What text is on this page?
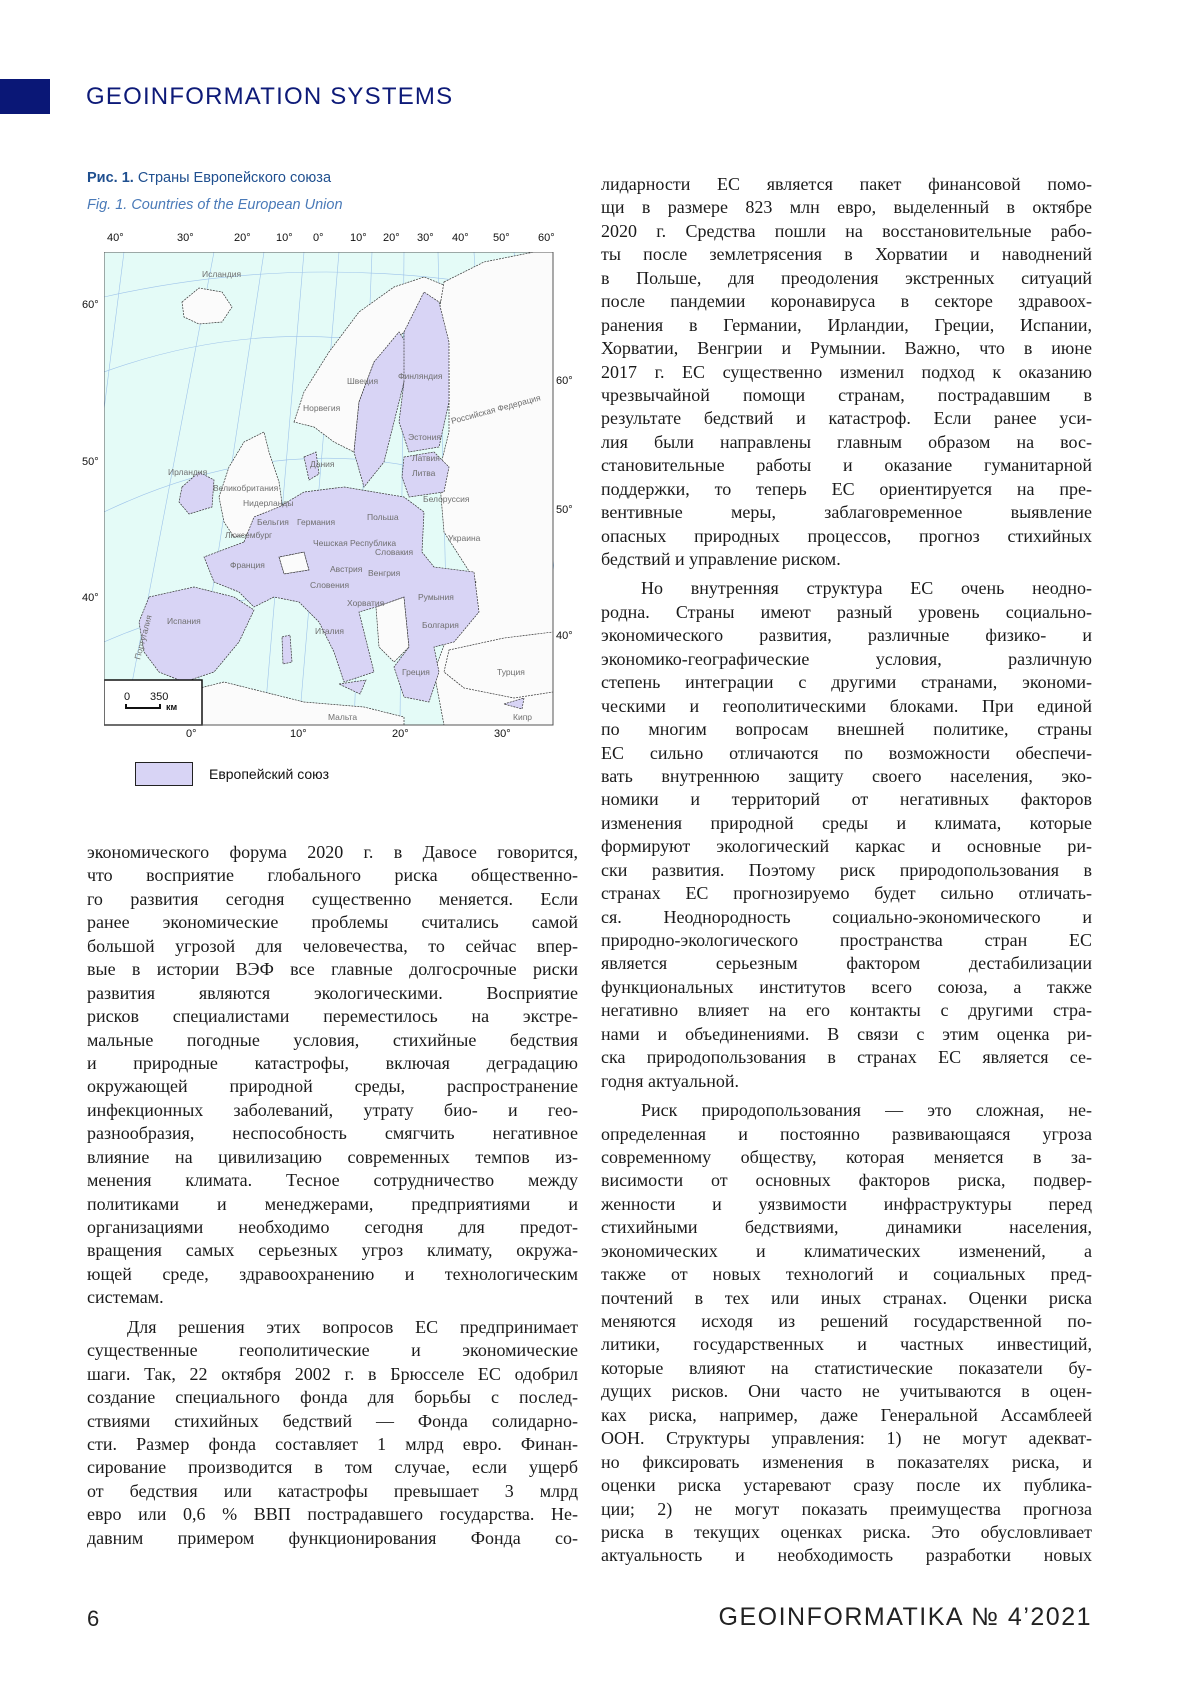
GEOINFORMATION SYSTEMS
Рис. 1. Страны Европейского союза
Fig. 1. Countries of the European Union
40°	30°	20° 10° 0° 10° 20° 30° 40° 50°	60°
60°
50°
40°
60°
50°
40°
0°	10°	20°	30°
Исландия
Швеция Финляндия
Норвегия	Российская Федерация
Эстония
Латвия
Литва
Ирландия
Дания
Великобритания
Белоруссия
Нидерланды
Бельгия Германия
Люксембург
Польша
Украина
Чешская Республика
Словакия
Франция	Австрия Венгрия
Словения
Хорватия
Румыния
Испания
Португалия	Италия
Болгария
Греция	Турция
Мальта	Кипр
0 350
км
Европейский союз
экономического форума 2020 г. в Давосе говорится,
что восприятие глобального риска общественно-
го развития сегодня существенно меняется. Если
ранее экономические проблемы считались самой
большой угрозой для человечества, то сейчас впер-
вые в истории ВЭФ все главные долгосрочные риски
развития являются экологическими. Восприятие
рисков специалистами переместилось на экстре-
мальные погодные условия, стихийные бедствия
и природные катастрофы, включая деградацию
окружающей природной среды, распространение
инфекционных заболеваний, утрату био- и гео-
разнообразия, неспособность смягчить негативное
влияние на цивилизацию современных темпов из-
менения климата. Тесное сотрудничество между
политиками и менеджерами, предприятиями и
организациями необходимо сегодня для предот-
вращения самых серьезных угроз климату, окружа-
ющей среде, здравоохранению и технологическим
системам.
Для решения этих вопросов ЕС предпринимает
существенные геополитические и экономические
шаги. Так, 22 октября 2002 г. в Брюсселе ЕС одобрил
создание специального фонда для борьбы с послед-
ствиями стихийных бедствий — Фонда солидарно-
сти. Размер фонда составляет 1 млрд евро. Финан-
сирование производится в том случае, если ущерб
от бедствия или катастрофы превышает 3 млрд
евро или 0,6 % ВВП пострадавшего государства. Не-
давним примером функционирования Фонда со-
лидарности ЕС является пакет финансовой помо-
щи в размере 823 млн евро, выделенный в октябре
2020 г. Средства пошли на восстановительные рабо-
ты после землетрясения в Хорватии и наводнений
в Польше, для преодоления экстренных ситуаций
после пандемии коронавируса в секторе здравоох-
ранения в Германии, Ирландии, Греции, Испании,
Хорватии, Венгрии и Румынии. Важно, что в июне
2017 г. ЕС существенно изменил подход к оказанию
чрезвычайной помощи странам, пострадавшим в
результате бедствий и катастроф. Если ранее уси-
лия были направлены главным образом на вос-
становительные работы и оказание гуманитарной
поддержки, то теперь ЕС ориентируется на пре-
вентивные меры, заблаговременное выявление
опасных природных процессов, прогноз стихийных
бедствий и управление риском.
Но внутренняя структура ЕС очень неодно-
родна. Страны имеют разный уровень социально-
экономического развития, различные физико- и
экономико-географические условия, различную
степень интеграции с другими странами, экономи-
ческими и геополитическими блоками. При единой
по многим вопросам внешней политике, страны
ЕС сильно отличаются по возможности обеспечи-
вать внутреннюю защиту своего населения, эко-
номики и территорий от негативных факторов
изменения природной среды и климата, которые
формируют экологический каркас и основные ри-
ски развития. Поэтому риск природопользования в
странах ЕС прогнозируемо будет сильно отличать-
ся. Неоднородность социально-экономического и
природно-экологического пространства стран ЕС
является серьезным фактором дестабилизации
функциональных институтов всего союза, а также
негативно влияет на его контакты с другими стра-
нами и объединениями. В связи с этим оценка ри-
ска природопользования в странах ЕС является се-
годня актуальной.
Риск природопользования — это сложная, не-
определенная и постоянно развивающаяся угроза
современному обществу, которая меняется в за-
висимости от основных факторов риска, подвер-
женности и уязвимости инфраструктуры перед
стихийными бедствиями, динамики населения,
экономических и климатических изменений, а
также от новых технологий и социальных пред-
почтений в тех или иных странах. Оценки риска
меняются исходя из решений государственной по-
литики, государственных и частных инвестиций,
которые влияют на статистические показатели бу-
дущих рисков. Они часто не учитываются в оцен-
ках риска, например, даже Генеральной Ассамблеей
ООН. Структуры управления: 1) не могут адекват-
но фиксировать изменения в показателях риска, и
оценки риска устаревают сразу после их публика-
ции; 2) не могут показать преимущества прогноза
риска в текущих оценках риска. Это обусловливает
актуальность и необходимость разработки новых
6	GEOINFORMATIKA № 4’2021
